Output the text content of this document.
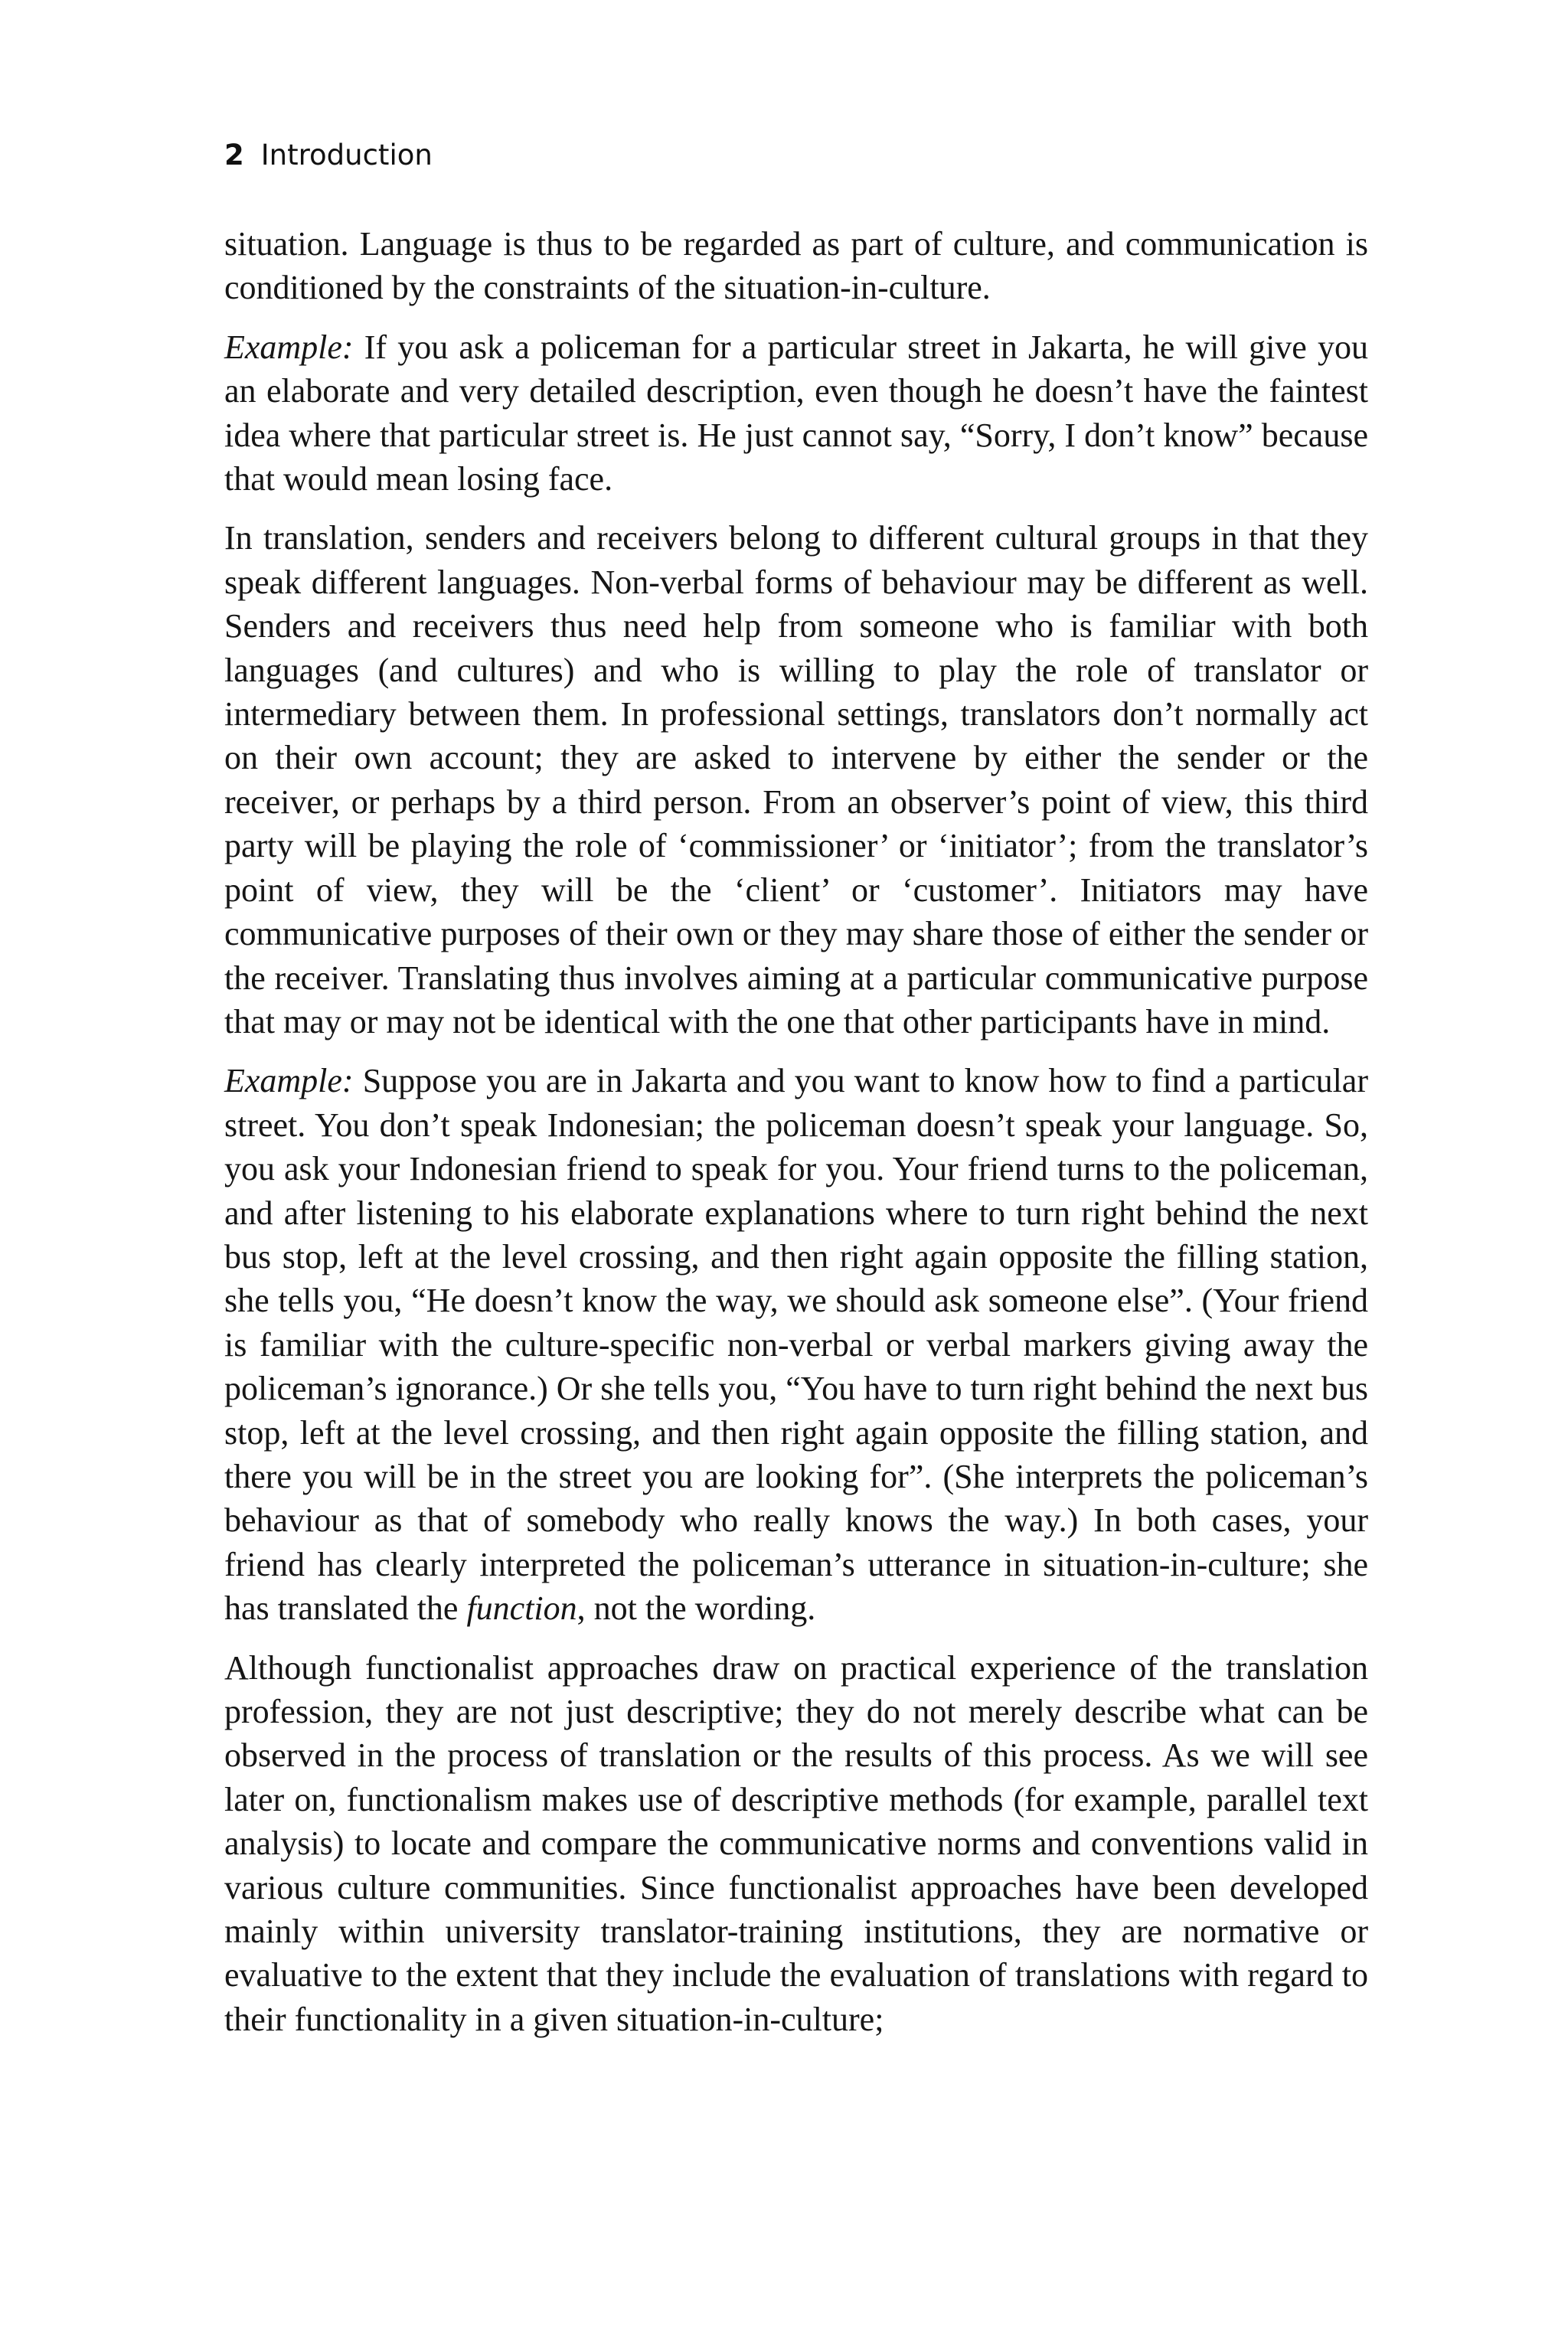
2 Introduction

situation. Language is thus to be regarded as part of culture, and communication is conditioned by the constraints of the situation-in-culture.

Example: If you ask a policeman for a particular street in Jakarta, he will give you an elaborate and very detailed description, even though he doesn’t have the faintest idea where that particular street is. He just cannot say, “Sorry, I don’t know” because that would mean losing face.

In translation, senders and receivers belong to different cultural groups in that they speak different languages. Non-verbal forms of behaviour may be different as well. Senders and receivers thus need help from someone who is familiar with both languages (and cultures) and who is willing to play the role of translator or intermediary between them. In professional settings, translators don’t normally act on their own account; they are asked to intervene by either the sender or the receiver, or perhaps by a third person. From an observer’s point of view, this third party will be playing the role of ‘commissioner’ or ‘initiator’; from the translator’s point of view, they will be the ‘client’ or ‘customer’. Initiators may have communicative purposes of their own or they may share those of either the sender or the receiver. Translating thus involves aiming at a particular communicative purpose that may or may not be identical with the one that other participants have in mind.

Example: Suppose you are in Jakarta and you want to know how to find a particular street. You don’t speak Indonesian; the policeman doesn’t speak your language. So, you ask your Indonesian friend to speak for you. Your friend turns to the policeman, and after listening to his elaborate explanations where to turn right behind the next bus stop, left at the level crossing, and then right again opposite the filling station, she tells you, “He doesn’t know the way, we should ask someone else”. (Your friend is familiar with the culture-specific non-verbal or verbal markers giving away the policeman’s ignorance.) Or she tells you, “You have to turn right behind the next bus stop, left at the level crossing, and then right again opposite the filling station, and there you will be in the street you are looking for”. (She interprets the policeman’s behaviour as that of somebody who really knows the way.) In both cases, your friend has clearly interpreted the policeman’s utterance in situation-in-culture; she has translated the function, not the wording.

Although functionalist approaches draw on practical experience of the translation profession, they are not just descriptive; they do not merely describe what can be observed in the process of translation or the results of this process. As we will see later on, functionalism makes use of descriptive methods (for example, parallel text analysis) to locate and compare the communicative norms and conventions valid in various culture communities. Since functionalist approaches have been developed mainly within university translator-training institutions, they are normative or evaluative to the extent that they include the evaluation of translations with regard to their functionality in a given situation-in-culture;
